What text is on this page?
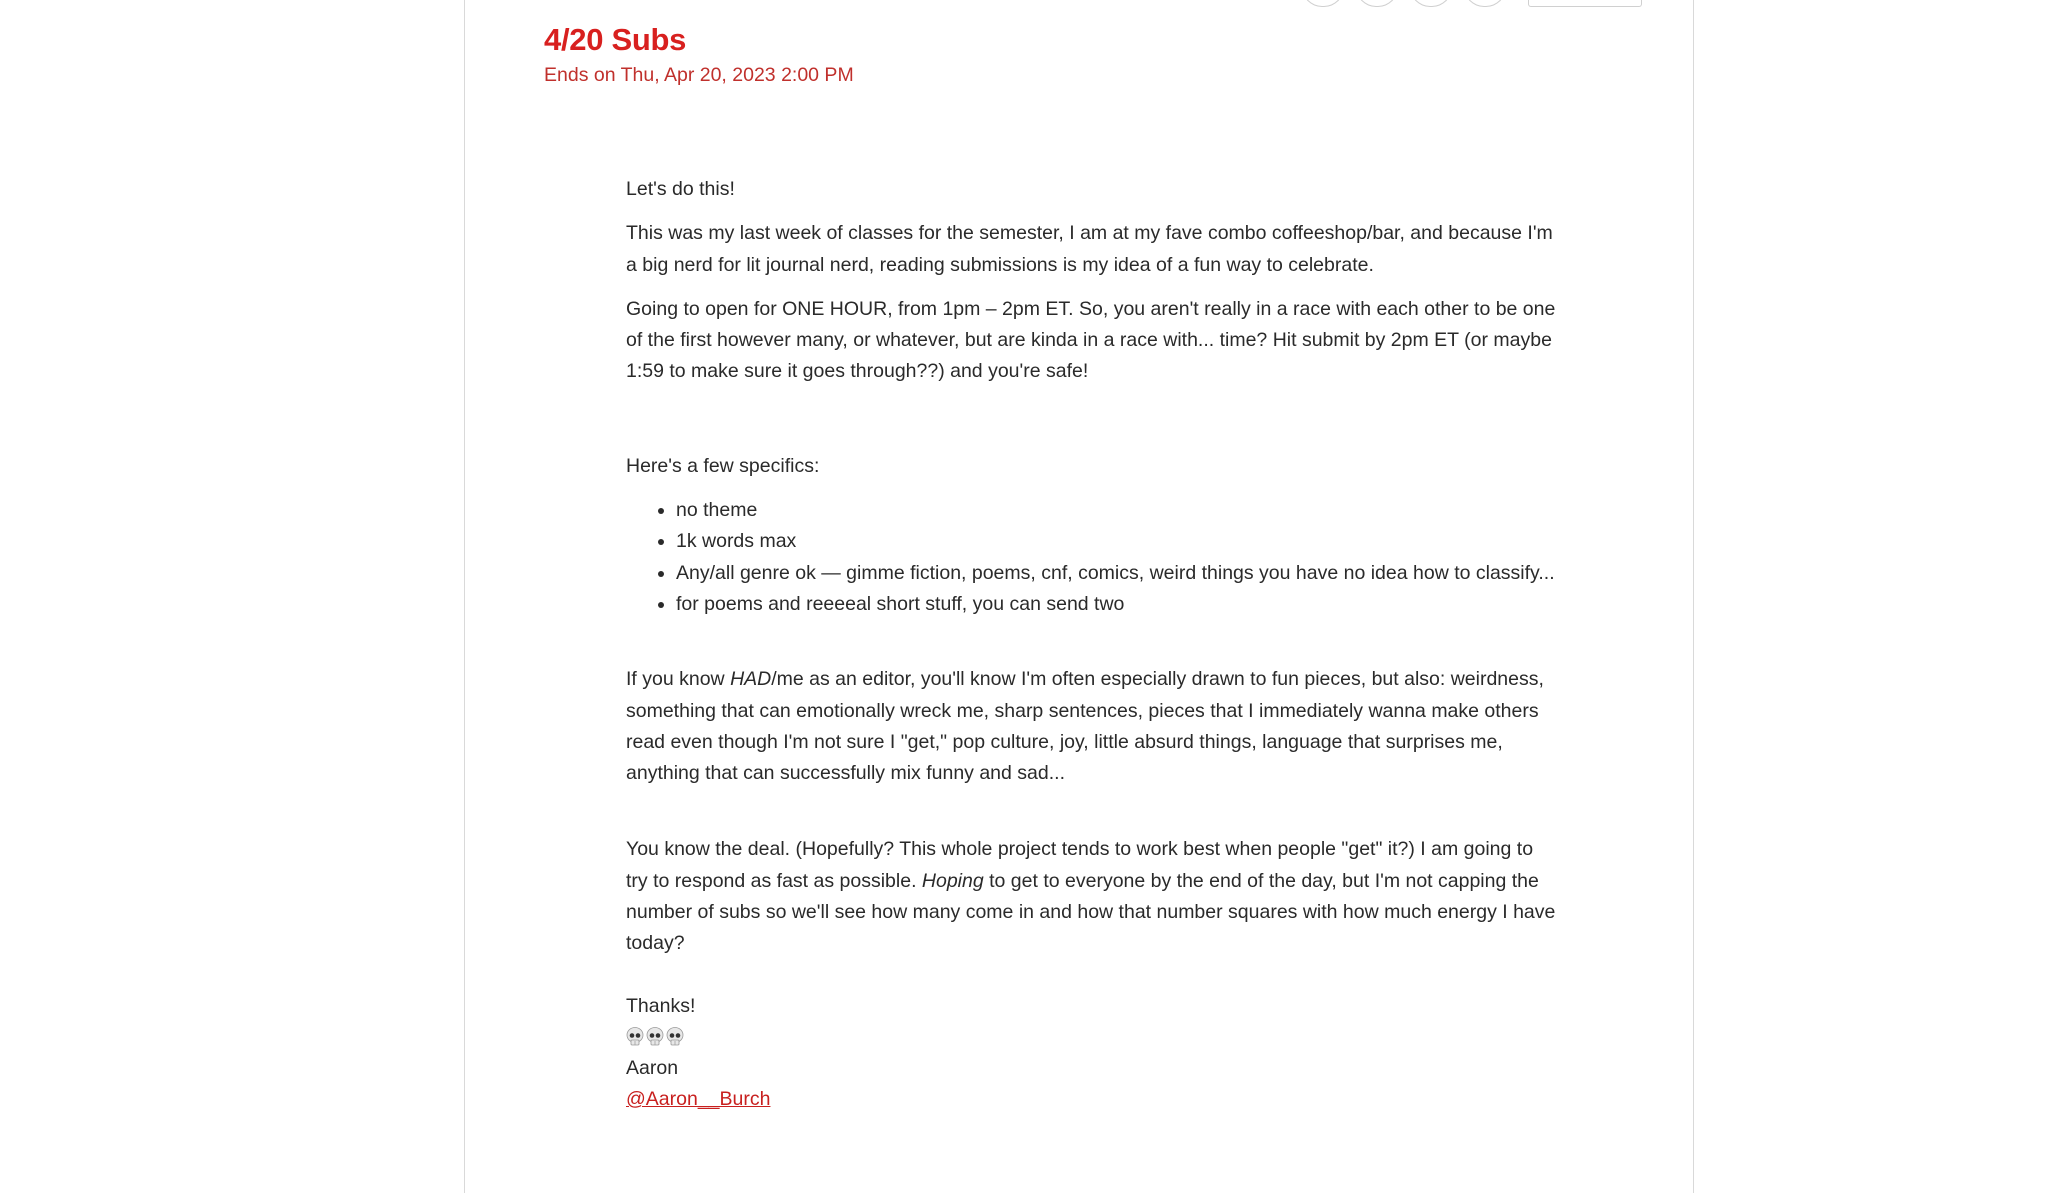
4/20 Subs

Ends on Thu, Apr 20, 2023 2:00 PM

Let's do this!

This was my last week of classes for the semester, I am at my fave combo coffeeshop/bar, and because I'm a big nerd for lit journal nerd, reading submissions is my idea of a fun way to celebrate.

Going to open for ONE HOUR, from 1pm – 2pm ET. So, you aren't really in a race with each other to be one of the first however many, or whatever, but are kinda in a race with... time? Hit submit by 2pm ET (or maybe 1:59 to make sure it goes through??) and you're safe!

Here's a few specifics:

• no theme
• 1k words max
• Any/all genre ok — gimme fiction, poems, cnf, comics, weird things you have no idea how to classify...
• for poems and reeeeal short stuff, you can send two

If you know HAD/me as an editor, you'll know I'm often especially drawn to fun pieces, but also: weirdness, something that can emotionally wreck me, sharp sentences, pieces that I immediately wanna make others read even though I'm not sure I "get," pop culture, joy, little absurd things, language that surprises me, anything that can successfully mix funny and sad...

You know the deal. (Hopefully? This whole project tends to work best when people "get" it?) I am going to try to respond as fast as possible. Hoping to get to everyone by the end of the day, but I'm not capping the number of subs so we'll see how many come in and how that number squares with how much energy I have today?

Thanks!

Aaron

@Aaron__Burch
